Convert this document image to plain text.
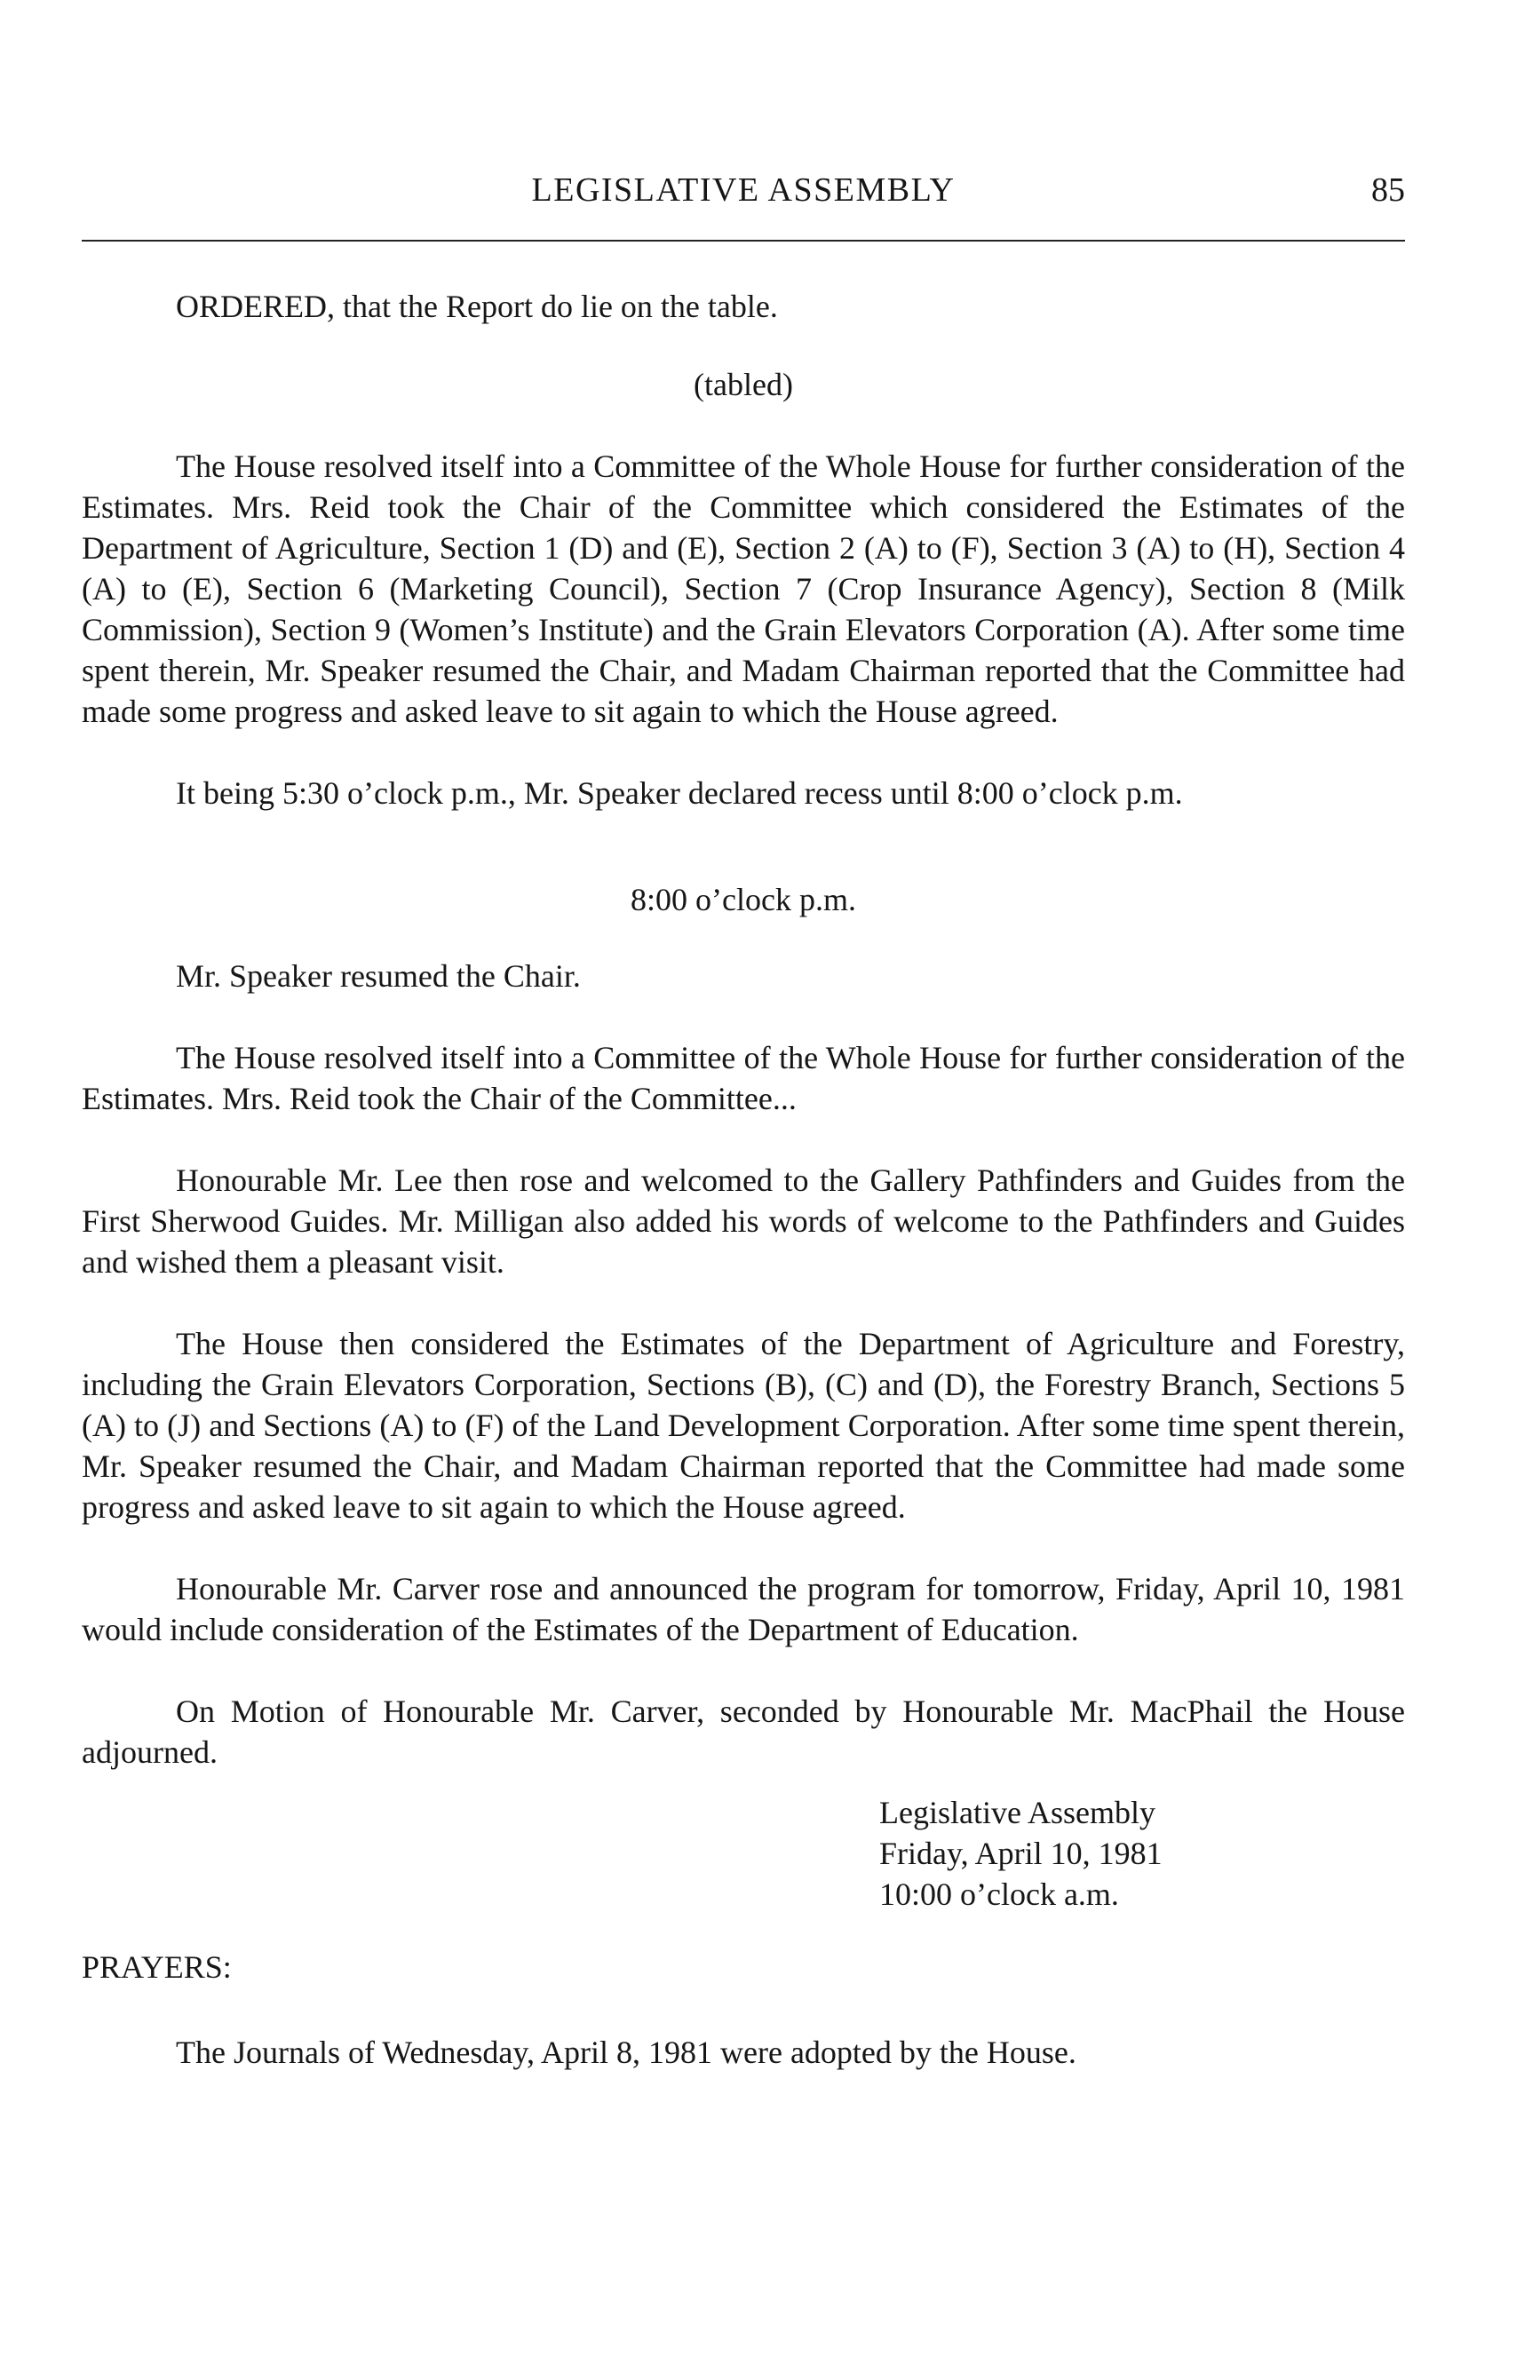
LEGISLATIVE ASSEMBLY	85

ORDERED, that the Report do lie on the table.

(tabled)

The House resolved itself into a Committee of the Whole House for further consideration of the Estimates. Mrs. Reid took the Chair of the Committee which considered the Estimates of the Department of Agriculture, Section 1 (D) and (E), Section 2 (A) to (F), Section 3 (A) to (H), Section 4 (A) to (E), Section 6 (Marketing Council), Section 7 (Crop Insurance Agency), Section 8 (Milk Commission), Section 9 (Women’s Institute) and the Grain Elevators Corporation (A). After some time spent therein, Mr. Speaker resumed the Chair, and Madam Chairman reported that the Committee had made some progress and asked leave to sit again to which the House agreed.

It being 5:30 o’clock p.m., Mr. Speaker declared recess until 8:00 o’clock p.m.

8:00 o’clock p.m.

Mr. Speaker resumed the Chair.

The House resolved itself into a Committee of the Whole House for further consideration of the Estimates. Mrs. Reid took the Chair of the Committee...

Honourable Mr. Lee then rose and welcomed to the Gallery Pathfinders and Guides from the First Sherwood Guides. Mr. Milligan also added his words of welcome to the Pathfinders and Guides and wished them a pleasant visit.

The House then considered the Estimates of the Department of Agriculture and Forestry, including the Grain Elevators Corporation, Sections (B), (C) and (D), the Forestry Branch, Sections 5 (A) to (J) and Sections (A) to (F) of the Land Development Corporation. After some time spent therein, Mr. Speaker resumed the Chair, and Madam Chairman reported that the Committee had made some progress and asked leave to sit again to which the House agreed.

Honourable Mr. Carver rose and announced the program for tomorrow, Friday, April 10, 1981 would include consideration of the Estimates of the Department of Education.

On Motion of Honourable Mr. Carver, seconded by Honourable Mr. MacPhail the House adjourned.

Legislative Assembly
Friday, April 10, 1981
10:00 o’clock a.m.

PRAYERS:

The Journals of Wednesday, April 8, 1981 were adopted by the House.
